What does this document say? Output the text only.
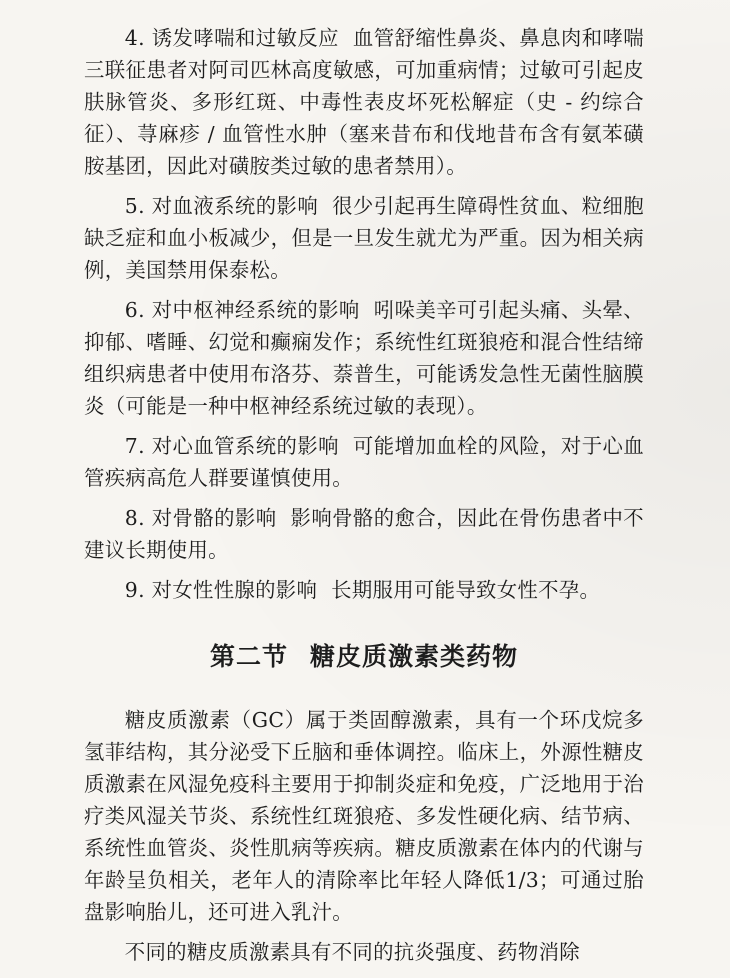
4. 诱发哮喘和过敏反应 血管舒缩性鼻炎、鼻息肉和哮喘三联征患者对阿司匹林高度敏感，可加重病情；过敏可引起皮肤脉管炎、多形红斑、中毒性表皮坏死松解症（史 - 约综合征）、荨麻疹 / 血管性水肿（塞来昔布和伐地昔布含有氨苯磺胺基团，因此对磺胺类过敏的患者禁用）。

5. 对血液系统的影响 很少引起再生障碍性贫血、粒细胞缺乏症和血小板减少，但是一旦发生就尤为严重。因为相关病例，美国禁用保泰松。

6. 对中枢神经系统的影响 吲哚美辛可引起头痛、头晕、抑郁、嗜睡、幻觉和癫痫发作；系统性红斑狼疮和混合性结缔组织病患者中使用布洛芬、萘普生，可能诱发急性无菌性脑膜炎（可能是一种中枢神经系统过敏的表现）。

7. 对心血管系统的影响 可能增加血栓的风险，对于心血管疾病高危人群要谨慎使用。

8. 对骨骼的影响 影响骨骼的愈合，因此在骨伤患者中不建议长期使用。

9. 对女性性腺的影响 长期服用可能导致女性不孕。

第二节 糖皮质激素类药物

糖皮质激素（GC）属于类固醇激素，具有一个环戊烷多氢菲结构，其分泌受下丘脑和垂体调控。临床上，外源性糖皮质激素在风湿免疫科主要用于抑制炎症和免疫，广泛地用于治疗类风湿关节炎、系统性红斑狼疮、多发性硬化病、结节病、系统性血管炎、炎性肌病等疾病。糖皮质激素在体内的代谢与年龄呈负相关，老年人的清除率比年轻人降低1/3；可通过胎盘影响胎儿，还可进入乳汁。

不同的糖皮质激素具有不同的抗炎强度、药物消除
